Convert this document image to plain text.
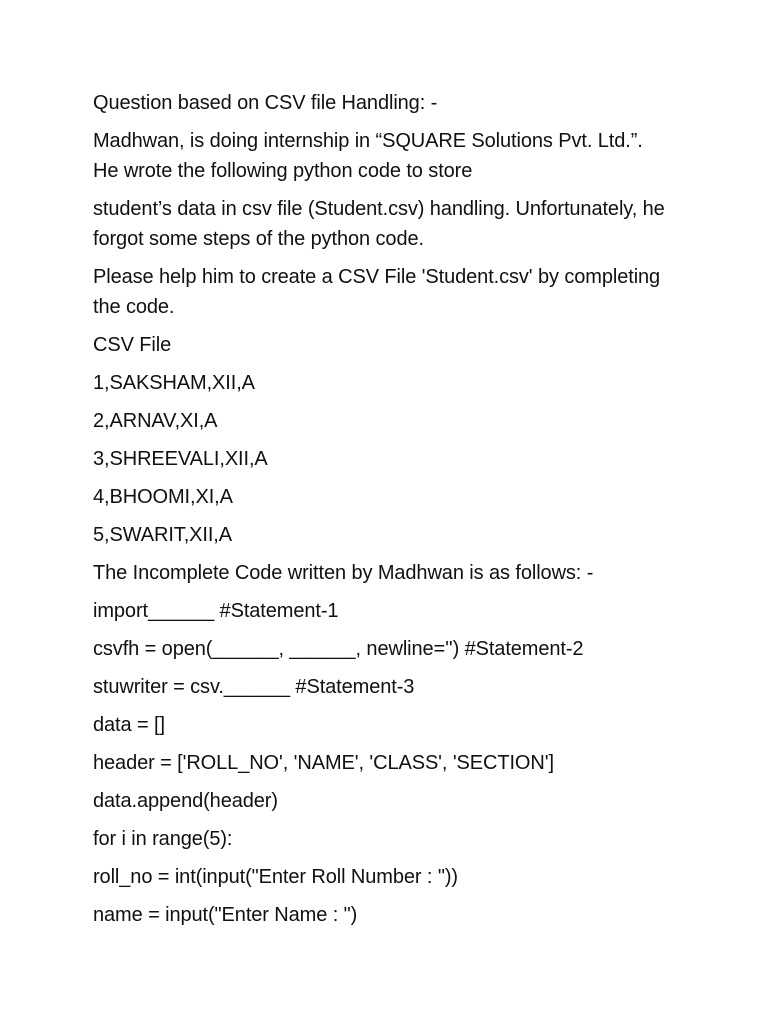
Question based on CSV file Handling: -

Madhwan, is doing internship in “SQUARE Solutions Pvt. Ltd.”. He wrote the following python code to store

student’s data in csv file (Student.csv) handling. Unfortunately, he forgot some steps of the python code.

Please help him to create a CSV File 'Student.csv' by completing the code.

CSV File

1,SAKSHAM,XII,A

2,ARNAV,XI,A

3,SHREEVALI,XII,A

4,BHOOMI,XI,A

5,SWARIT,XII,A

The Incomplete Code written by Madhwan is as follows: -

import______ #Statement-1

csvfh = open(______, ______, newline='') #Statement-2

stuwriter = csv.______ #Statement-3

data = []

header = ['ROLL_NO', 'NAME', 'CLASS', 'SECTION']

data.append(header)

for i in range(5):

roll_no = int(input("Enter Roll Number : "))

name = input("Enter Name : ")
